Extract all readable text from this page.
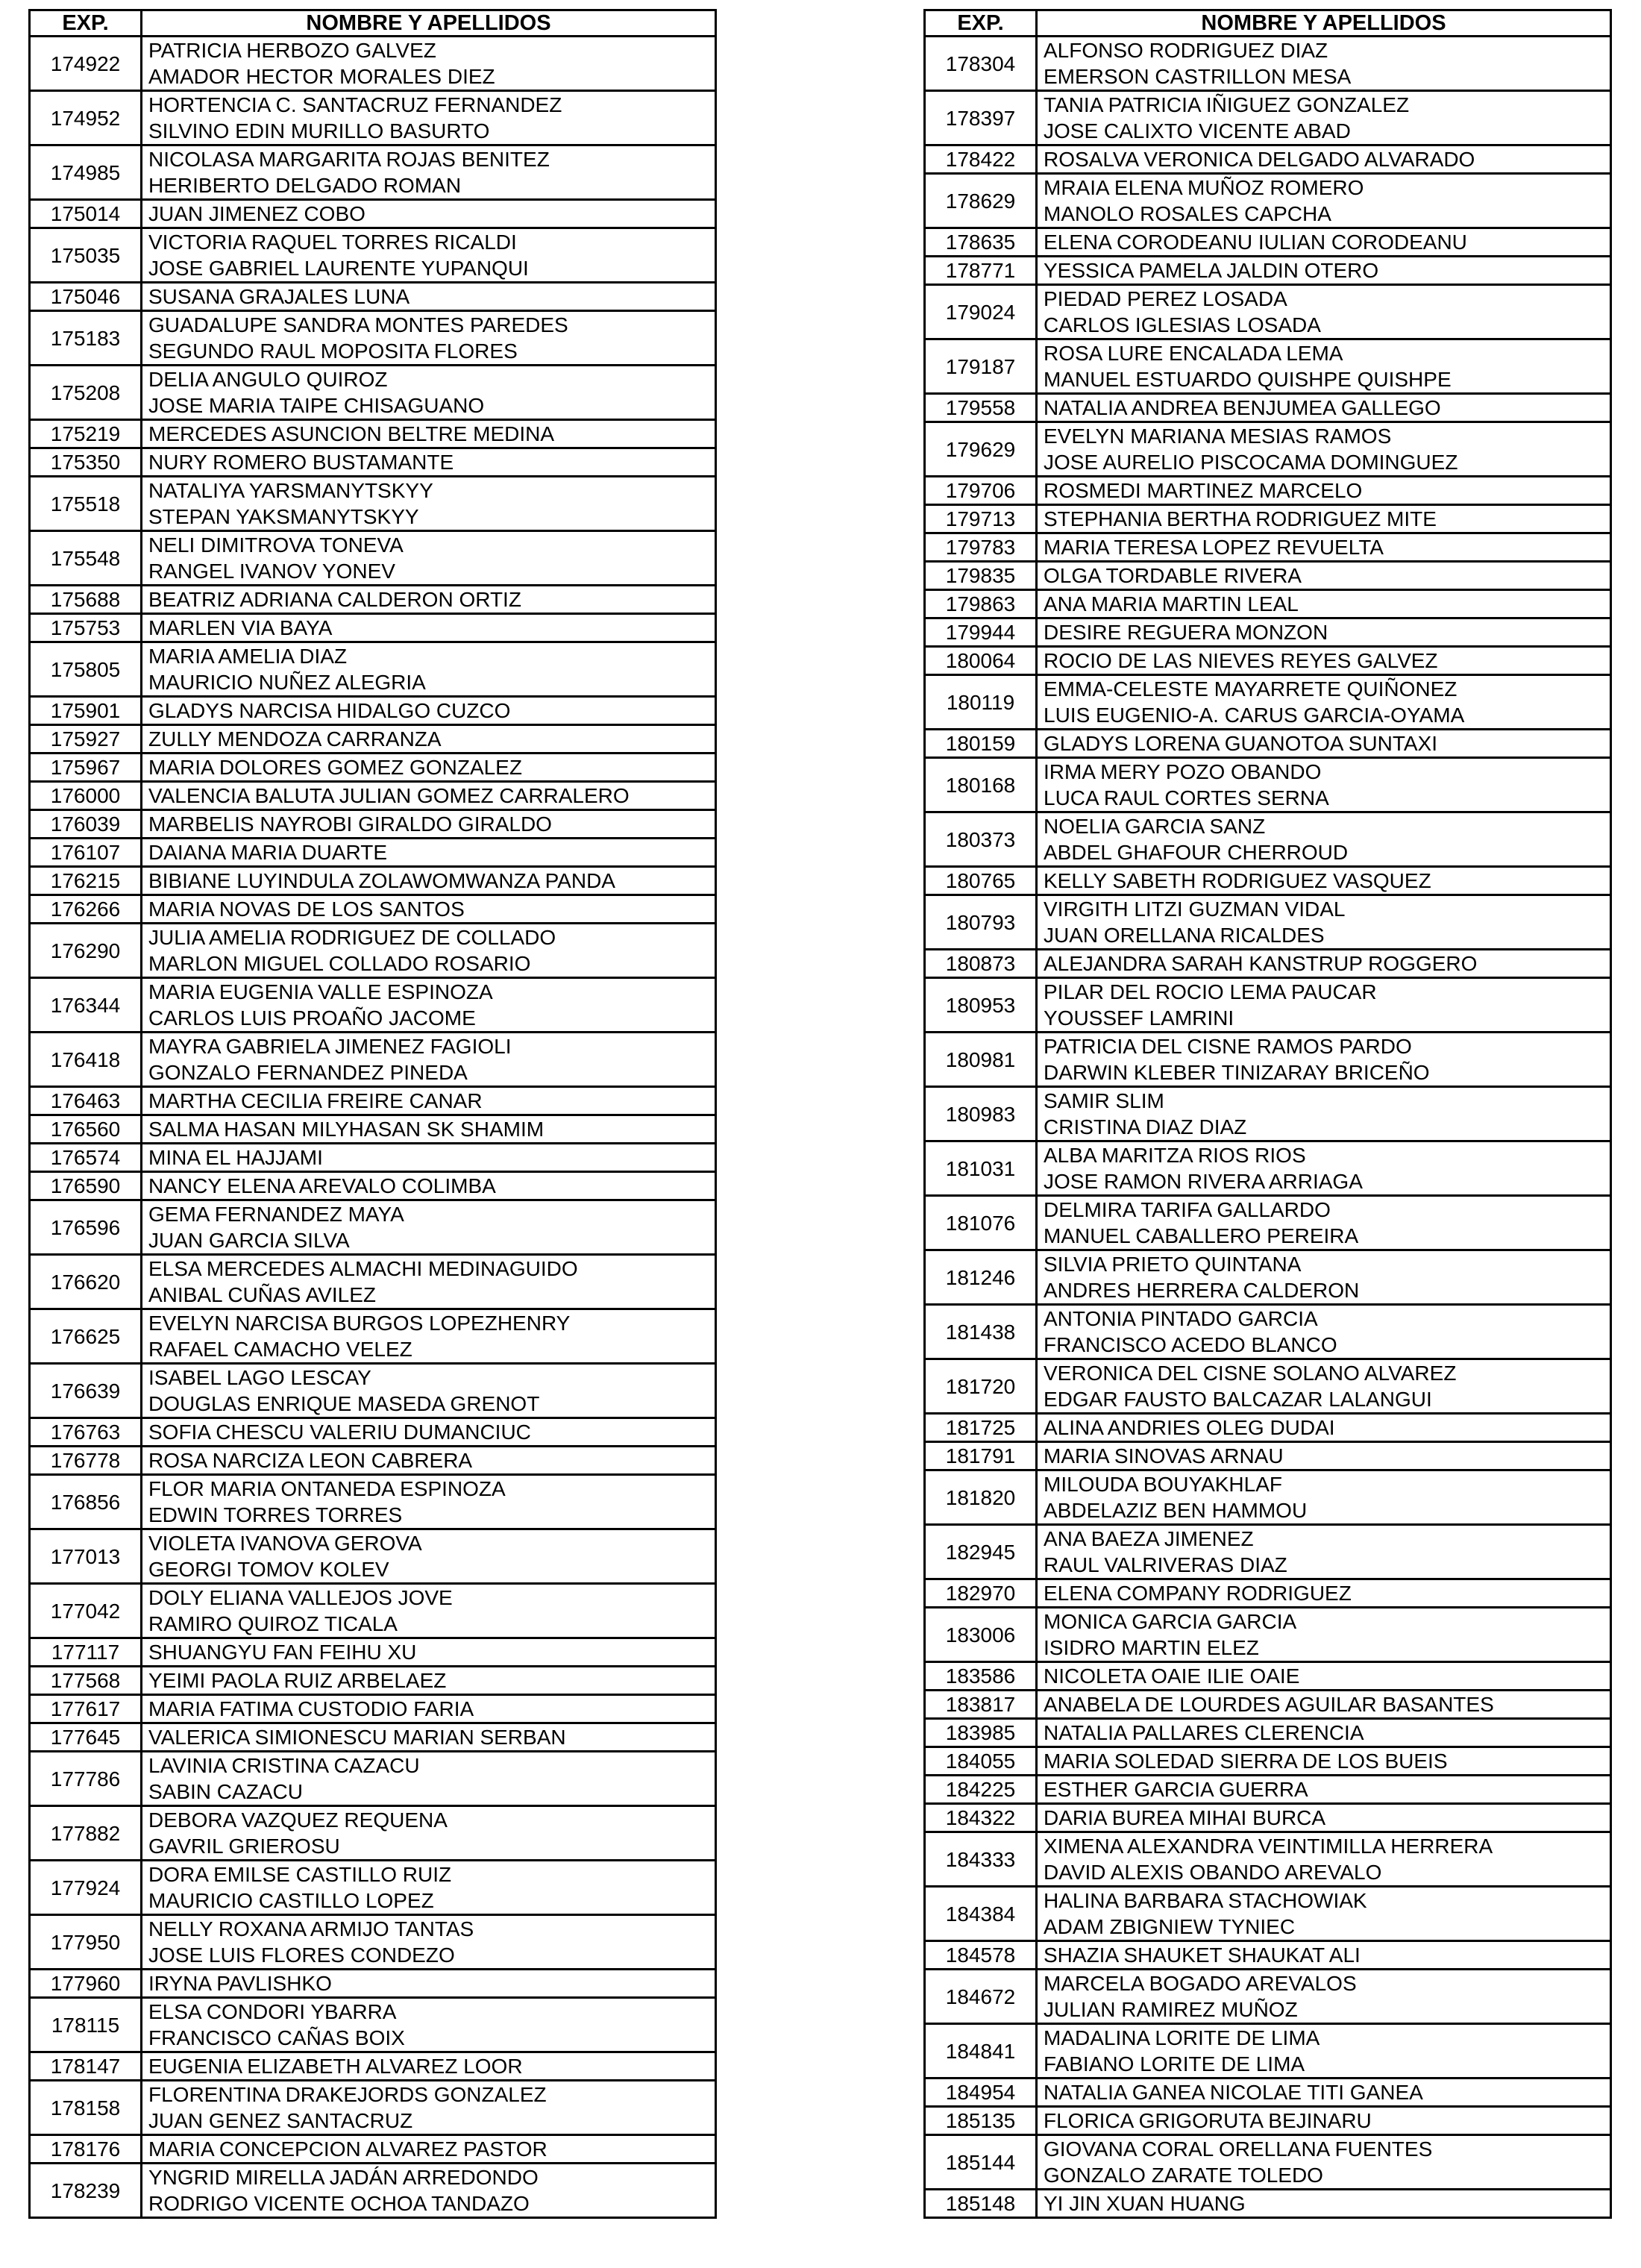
EXP.	NOMBRE Y APELLIDOS
174922	PATRICIA HERBOZO GALVEZ
AMADOR HECTOR MORALES DIEZ

174952	HORTENCIA C. SANTACRUZ FERNANDEZ
SILVINO EDIN MURILLO BASURTO

174985	NICOLASA MARGARITA ROJAS BENITEZ
HERIBERTO DELGADO ROMAN

175014	JUAN JIMENEZ COBO

175035	VICTORIA RAQUEL TORRES RICALDI
JOSE GABRIEL LAURENTE YUPANQUI

175046	SUSANA GRAJALES LUNA

175183	GUADALUPE SANDRA MONTES PAREDES
SEGUNDO RAUL MOPOSITA FLORES

175208	DELIA ANGULO QUIROZ
JOSE MARIA TAIPE CHISAGUANO

175219	MERCEDES ASUNCION BELTRE MEDINA

175350	NURY ROMERO BUSTAMANTE

175518	NATALIYA YARSMANYTSKYY
STEPAN YAKSMANYTSKYY

175548	NELI DIMITROVA TONEVA
RANGEL IVANOV YONEV

175688	BEATRIZ ADRIANA CALDERON ORTIZ

175753	MARLEN VIA BAYA

175805	MARIA AMELIA DIAZ
MAURICIO NUÑEZ ALEGRIA

175901	GLADYS NARCISA HIDALGO CUZCO

175927	ZULLY MENDOZA CARRANZA

175967	MARIA DOLORES GOMEZ GONZALEZ

176000	VALENCIA BALUTA JULIAN GOMEZ CARRALERO

176039	MARBELIS NAYROBI GIRALDO GIRALDO

176107	DAIANA MARIA DUARTE

176215	BIBIANE LUYINDULA ZOLAWOMWANZA PANDA

176266	MARIA NOVAS DE LOS SANTOS

176290	JULIA AMELIA RODRIGUEZ DE COLLADO
MARLON MIGUEL COLLADO ROSARIO

176344	MARIA EUGENIA VALLE ESPINOZA
CARLOS LUIS PROAÑO JACOME

176418	MAYRA GABRIELA JIMENEZ FAGIOLI
GONZALO FERNANDEZ PINEDA

176463	MARTHA CECILIA FREIRE CANAR

176560	SALMA HASAN MILYHASAN SK SHAMIM

176574	MINA EL HAJJAMI

176590	NANCY ELENA AREVALO COLIMBA

176596	GEMA FERNANDEZ MAYA
JUAN GARCIA SILVA

176620	ELSA MERCEDES ALMACHI MEDINAGUIDO
ANIBAL CUÑAS AVILEZ

176625	EVELYN NARCISA BURGOS LOPEZHENRY
RAFAEL CAMACHO VELEZ

176639	ISABEL LAGO LESCAY
DOUGLAS ENRIQUE MASEDA GRENOT

176763	SOFIA CHESCU VALERIU DUMANCIUC

176778	ROSA NARCIZA LEON CABRERA

176856	FLOR MARIA ONTANEDA ESPINOZA
EDWIN TORRES TORRES

177013	VIOLETA IVANOVA GEROVA
GEORGI TOMOV KOLEV

177042	DOLY ELIANA VALLEJOS JOVE
RAMIRO QUIROZ TICALA

177117	SHUANGYU FAN FEIHU XU

177568	YEIMI PAOLA RUIZ ARBELAEZ

177617	MARIA FATIMA CUSTODIO FARIA

177645	VALERICA SIMIONESCU MARIAN SERBAN

177786	LAVINIA CRISTINA CAZACU
SABIN CAZACU

177882	DEBORA VAZQUEZ REQUENA
GAVRIL GRIEROSU

177924	DORA EMILSE CASTILLO RUIZ
MAURICIO CASTILLO LOPEZ

177950	NELLY ROXANA ARMIJO TANTAS
JOSE LUIS FLORES CONDEZO

177960	IRYNA PAVLISHKO

178115	ELSA CONDORI YBARRA
FRANCISCO CAÑAS BOIX

178147	EUGENIA ELIZABETH ALVAREZ LOOR

178158	FLORENTINA DRAKEJORDS GONZALEZ
JUAN GENEZ SANTACRUZ

178176	MARIA CONCEPCION ALVAREZ PASTOR

178239	YNGRID MIRELLA JADÁN ARREDONDO
RODRIGO VICENTE OCHOA TANDAZO
EXP.	NOMBRE Y APELLIDOS
178304	ALFONSO RODRIGUEZ DIAZ
EMERSON CASTRILLON MESA

178397	TANIA PATRICIA IÑIGUEZ GONZALEZ
JOSE CALIXTO VICENTE ABAD

178422	ROSALVA VERONICA DELGADO ALVARADO

178629	MRAIA ELENA MUÑOZ ROMERO
MANOLO ROSALES CAPCHA

178635	ELENA CORODEANU IULIAN CORODEANU

178771	YESSICA PAMELA JALDIN OTERO

179024	PIEDAD PEREZ LOSADA
CARLOS IGLESIAS LOSADA

179187	ROSA LURE ENCALADA LEMA
MANUEL ESTUARDO QUISHPE QUISHPE

179558	NATALIA ANDREA BENJUMEA GALLEGO

179629	EVELYN MARIANA MESIAS RAMOS
JOSE AURELIO PISCOCAMA DOMINGUEZ

179706	ROSMEDI MARTINEZ MARCELO

179713	STEPHANIA BERTHA RODRIGUEZ MITE

179783	MARIA TERESA LOPEZ REVUELTA

179835	OLGA TORDABLE RIVERA

179863	ANA MARIA MARTIN LEAL

179944	DESIRE REGUERA MONZON

180064	ROCIO DE LAS NIEVES REYES GALVEZ

180119	EMMA-CELESTE MAYARRETE QUIÑONEZ
LUIS EUGENIO-A. CARUS GARCIA-OYAMA

180159	GLADYS LORENA GUANOTOA SUNTAXI

180168	IRMA MERY POZO OBANDO
LUCA RAUL CORTES SERNA

180373	NOELIA GARCIA SANZ
ABDEL GHAFOUR CHERROUD

180765	KELLY SABETH RODRIGUEZ VASQUEZ

180793	VIRGITH LITZI GUZMAN VIDAL
JUAN ORELLANA RICALDES

180873	ALEJANDRA SARAH KANSTRUP ROGGERO

180953	PILAR DEL ROCIO LEMA PAUCAR
YOUSSEF LAMRINI

180981	PATRICIA DEL CISNE RAMOS PARDO
DARWIN KLEBER TINIZARAY BRICEÑO

180983	SAMIR SLIM
CRISTINA DIAZ DIAZ

181031	ALBA MARITZA RIOS RIOS
JOSE RAMON RIVERA ARRIAGA

181076	DELMIRA TARIFA GALLARDO
MANUEL CABALLERO PEREIRA

181246	SILVIA PRIETO QUINTANA
ANDRES HERRERA CALDERON

181438	ANTONIA PINTADO GARCIA
FRANCISCO ACEDO BLANCO

181720	VERONICA DEL CISNE SOLANO ALVAREZ
EDGAR FAUSTO BALCAZAR LALANGUI

181725	ALINA ANDRIES OLEG DUDAI

181791	MARIA SINOVAS ARNAU

181820	MILOUDA BOUYAKHLAF
ABDELAZIZ BEN HAMMOU

182945	ANA BAEZA JIMENEZ
RAUL VALRIVERAS DIAZ

182970	ELENA COMPANY RODRIGUEZ

183006	MONICA GARCIA GARCIA
ISIDRO MARTIN ELEZ

183586	NICOLETA OAIE ILIE OAIE

183817	ANABELA DE LOURDES AGUILAR BASANTES

183985	NATALIA PALLARES CLERENCIA

184055	MARIA SOLEDAD SIERRA DE LOS BUEIS

184225	ESTHER GARCIA GUERRA

184322	DARIA BUREA MIHAI BURCA

184333	XIMENA ALEXANDRA VEINTIMILLA HERRERA
DAVID ALEXIS OBANDO AREVALO

184384	HALINA BARBARA STACHOWIAK
ADAM ZBIGNIEW TYNIEC

184578	SHAZIA SHAUKET SHAUKAT ALI

184672	MARCELA BOGADO AREVALOS
JULIAN RAMIREZ MUÑOZ

184841	MADALINA LORITE DE LIMA
FABIANO LORITE DE LIMA

184954	NATALIA GANEA NICOLAE TITI GANEA

185135	FLORICA GRIGORUTA BEJINARU

185144	GIOVANA CORAL ORELLANA FUENTES
GONZALO ZARATE TOLEDO

185148	YI JIN XUAN HUANG
